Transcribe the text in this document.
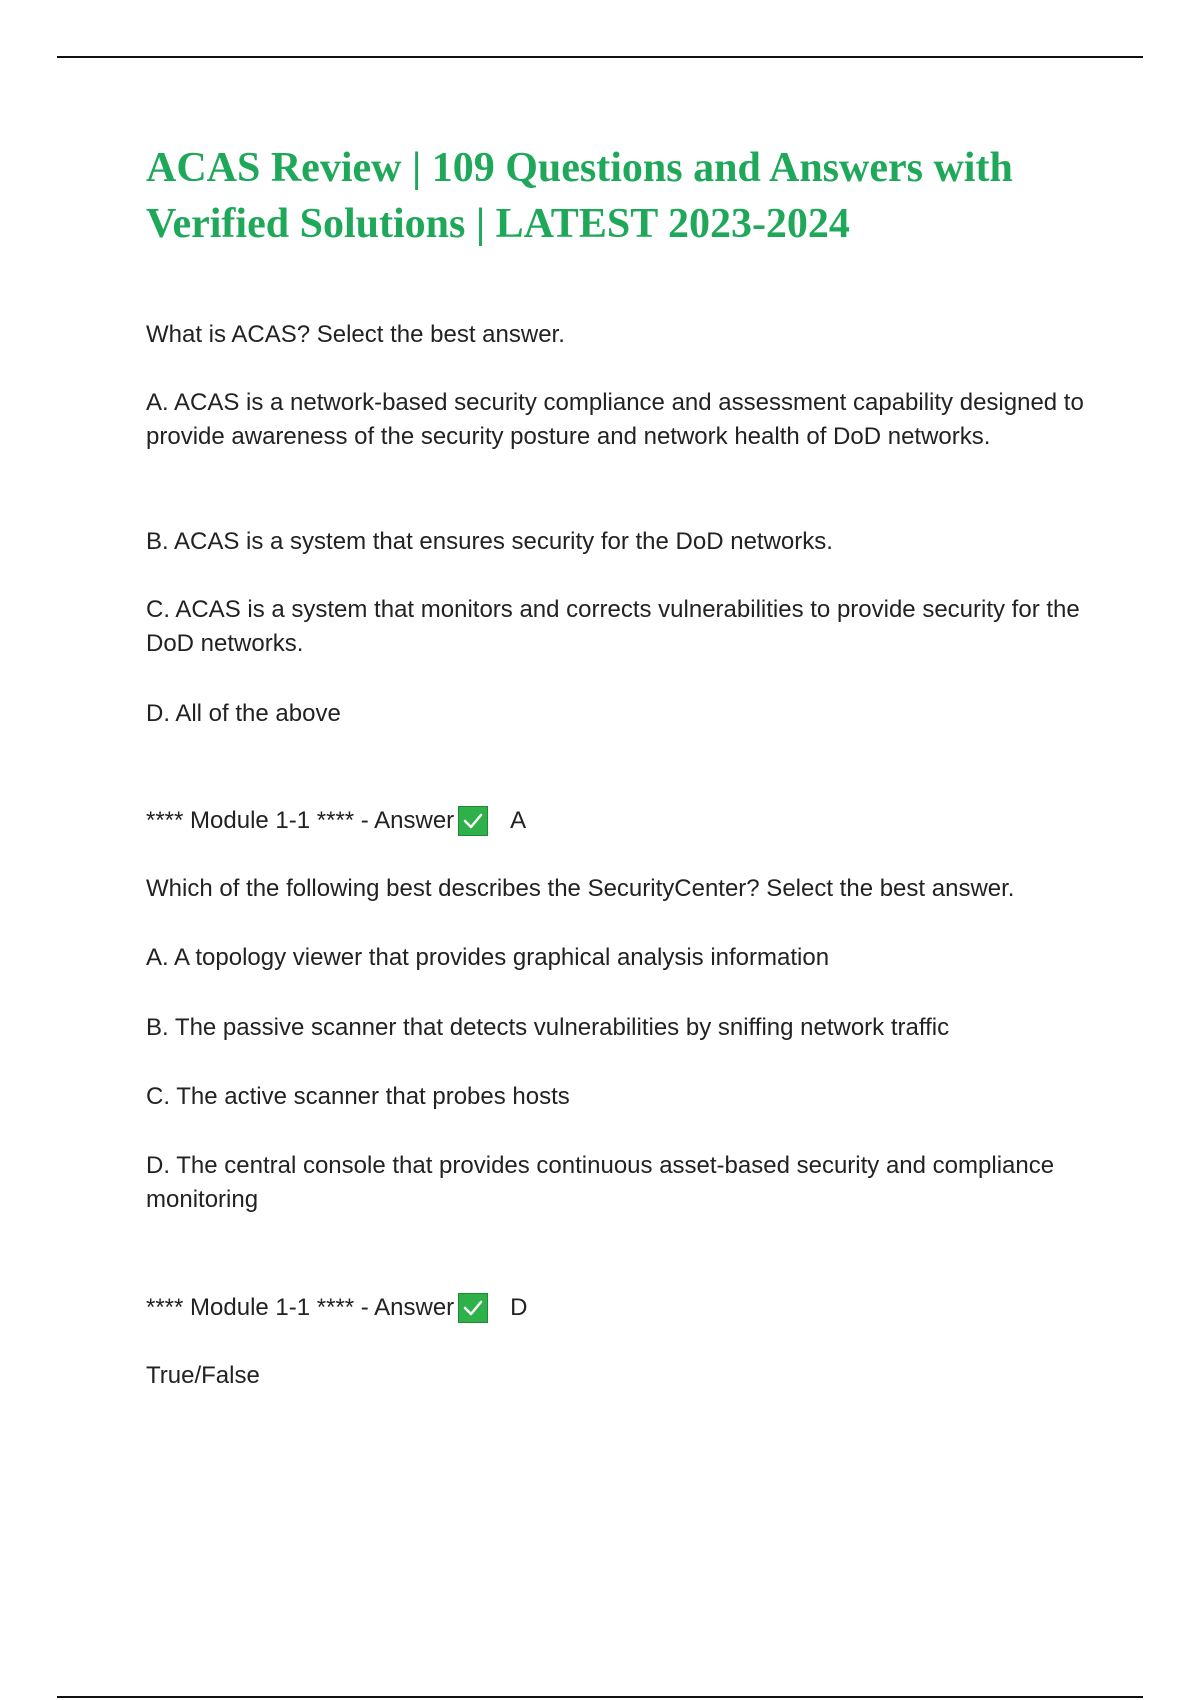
ACAS Review | 109 Questions and Answers with Verified Solutions | LATEST 2023-2024

What is ACAS? Select the best answer.

A. ACAS is a network-based security compliance and assessment capability designed to provide awareness of the security posture and network health of DoD networks.

B. ACAS is a system that ensures security for the DoD networks.

C. ACAS is a system that monitors and corrects vulnerabilities to provide security for the DoD networks.

D. All of the above

**** Module 1-1 **** - Answer A

Which of the following best describes the SecurityCenter? Select the best answer.

A. A topology viewer that provides graphical analysis information

B. The passive scanner that detects vulnerabilities by sniffing network traffic

C. The active scanner that probes hosts

D. The central console that provides continuous asset-based security and compliance monitoring

**** Module 1-1 **** - Answer D

True/False
